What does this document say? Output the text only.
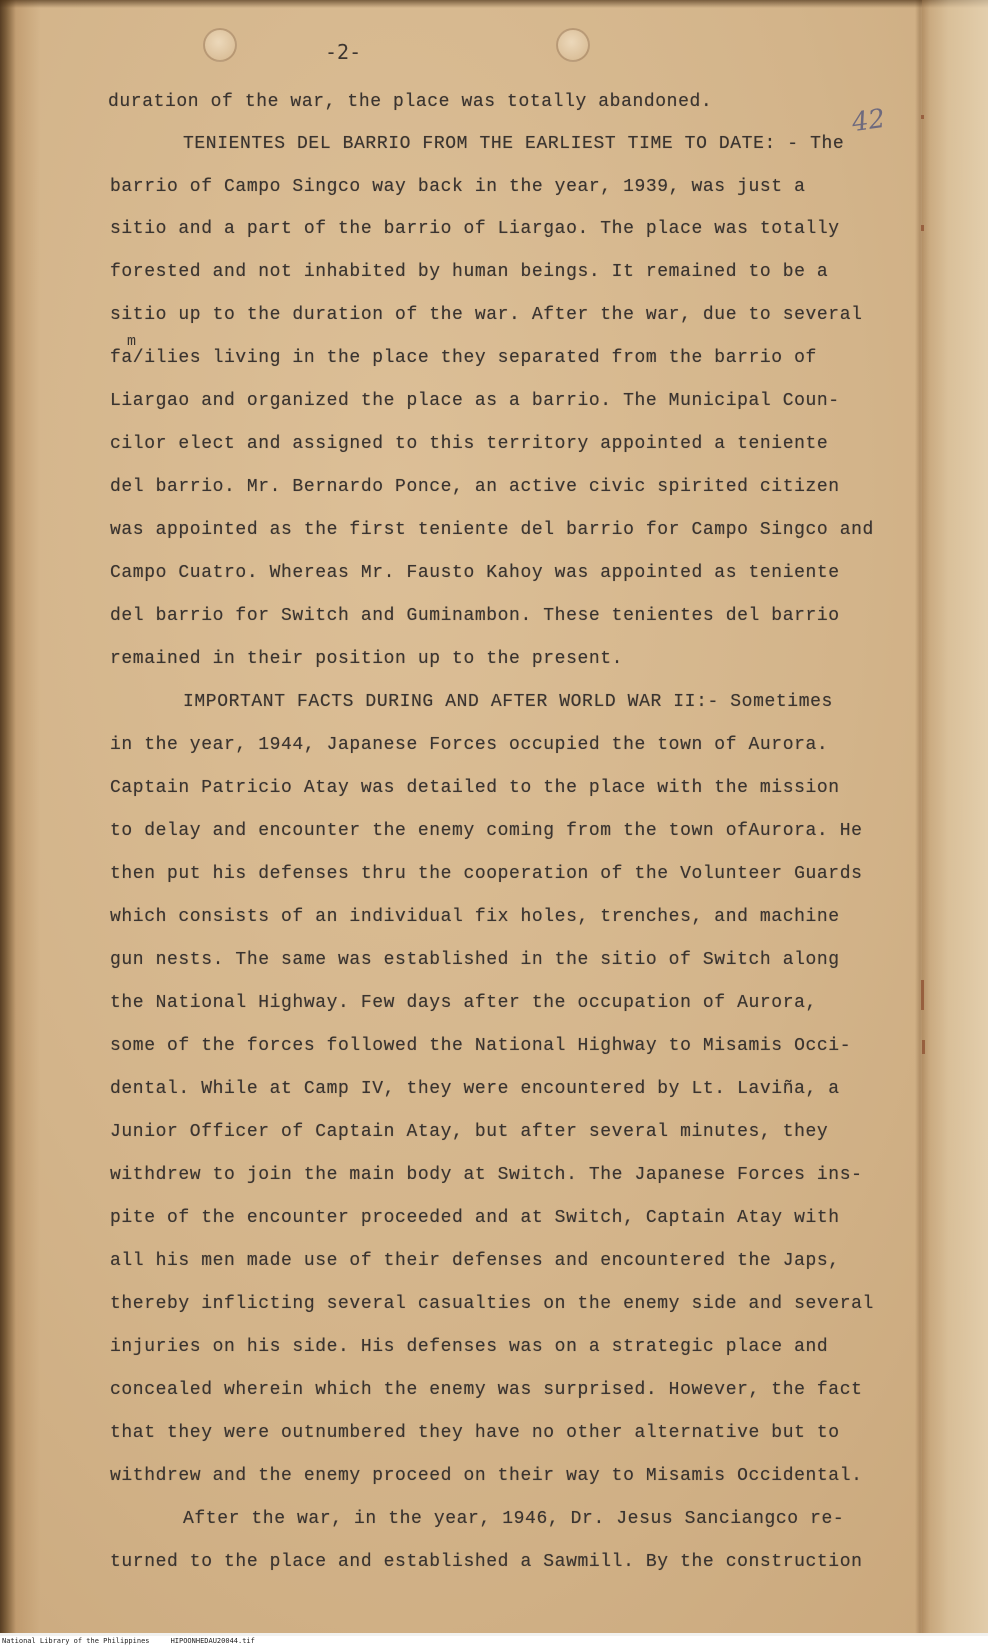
-2-
42
duration of the war, the place was totally abandoned.
TENIENTES DEL BARRIO FROM THE EARLIEST TIME TO DATE: - The
barrio of Campo Singco way back in the year, 1939, was just a
sitio and a part of the barrio of Liargao. The place was totally
forested and not inhabited by human beings. It remained to be a
sitio up to the duration of the war. After the war, due to several
m
fa/ilies living in the place they separated from the barrio of
Liargao and organized the place as a barrio. The Municipal Coun-
cilor elect and assigned to this territory appointed a teniente
del barrio. Mr. Bernardo Ponce, an active civic spirited citizen
was appointed as the first teniente del barrio for Campo Singco and
Campo Cuatro. Whereas Mr. Fausto Kahoy was appointed as teniente
del barrio for Switch and Guminambon. These tenientes del barrio
remained in their position up to the present.
IMPORTANT FACTS DURING AND AFTER WORLD WAR II:- Sometimes
in the year, 1944, Japanese Forces occupied the town of Aurora.
Captain Patricio Atay was detailed to the place with the mission
to delay and encounter the enemy coming from the town ofAurora. He
then put his defenses thru the cooperation of the Volunteer Guards
which consists of an individual fix holes, trenches, and machine
gun nests. The same was established in the sitio of Switch along
the National Highway. Few days after the occupation of Aurora,
some of the forces followed the National Highway to Misamis Occi-
dental. While at Camp IV, they were encountered by Lt. Laviña, a
Junior Officer of Captain Atay, but after several minutes, they
withdrew to join the main body at Switch. The Japanese Forces ins-
pite of the encounter proceeded and at Switch, Captain Atay with
all his men made use of their defenses and encountered the Japs,
thereby inflicting several casualties on the enemy side and several
injuries on his side. His defenses was on a strategic place and
concealed wherein which the enemy was surprised. However, the fact
that they were outnumbered they have no other alternative but to
withdrew and the enemy proceed on their way to Misamis Occidental.
After the war, in the year, 1946, Dr. Jesus Sanciangco re-
turned to the place and established a Sawmill. By the construction
National Library of the Philippines     HIPOONHEDAU20044.tif
